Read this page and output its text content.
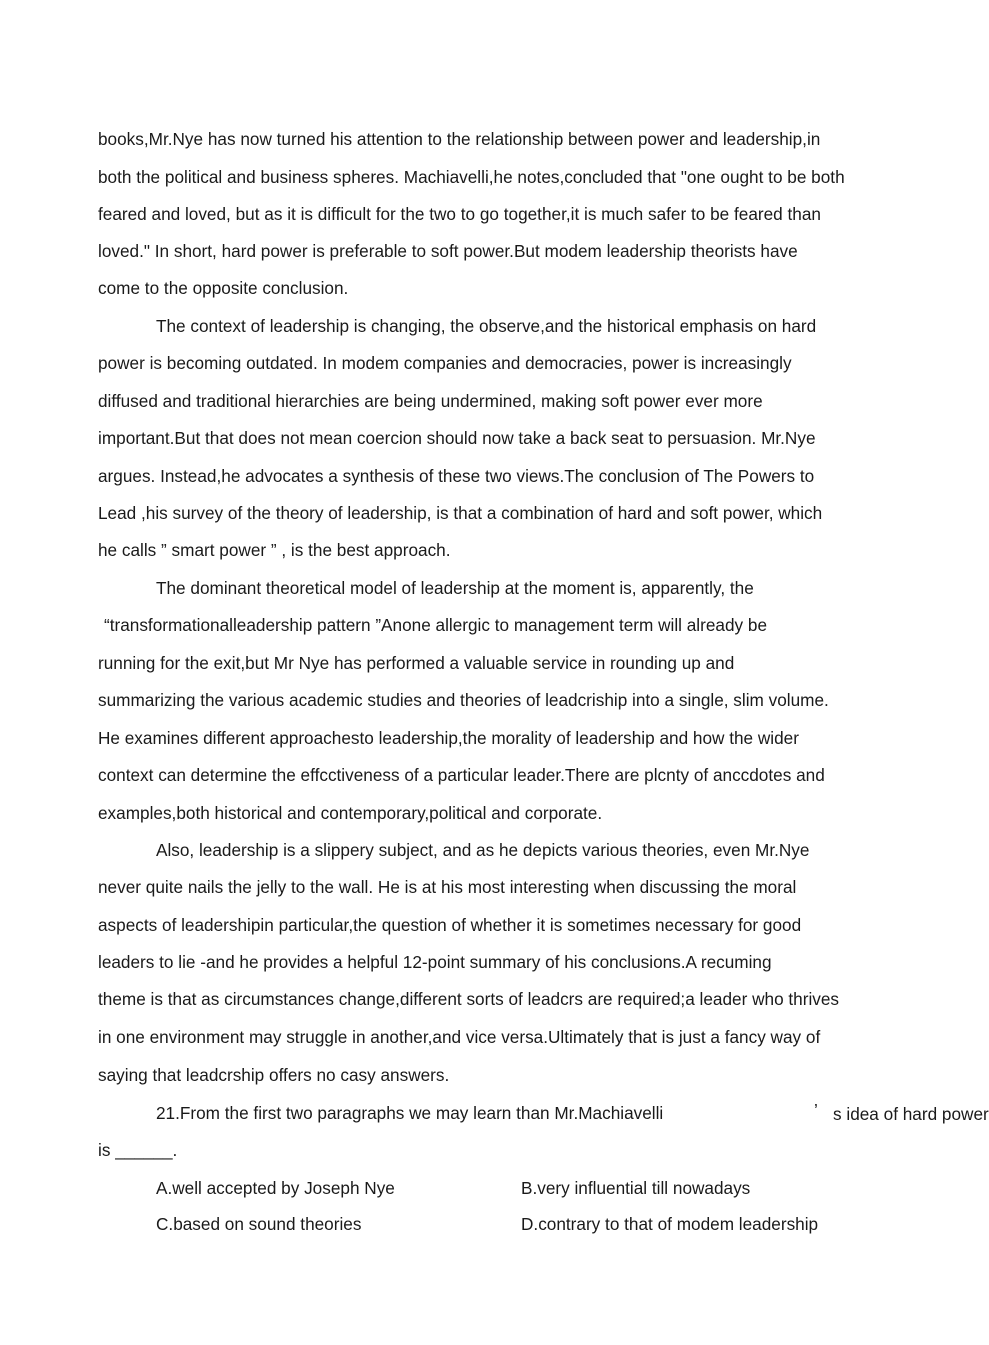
books,Mr.Nye has now turned his attention to the relationship between power and leadership,in
both the political and business spheres. Machiavelli,he notes,concluded that "one ought to be both
feared and loved, but as it is difficult for the two to go together,it is much safer to be feared than
loved." In short, hard power is preferable to soft power.But modem leadership theorists have
come to the opposite conclusion.
The context of leadership is changing, the observe,and the historical emphasis on hard
power is becoming outdated. In modem companies and democracies, power is increasingly
diffused and traditional hierarchies are being undermined, making soft power ever more
important.But that does not mean coercion should now take a back seat to persuasion. Mr.Nye
argues. Instead,he advocates a synthesis of these two views.The conclusion of The Powers to
Lead ,his survey of the theory of leadership, is that a combination of hard and soft power, which
he calls ” smart power ” , is the best approach.
The dominant theoretical model of leadership at the moment is, apparently, the
“transformationalleadership pattern ”Anone allergic to management term will already be
running for the exit,but Mr Nye has performed a valuable service in rounding up and
summarizing the various academic studies and theories of leadcriship into a single, slim volume.
He examines different approachesto leadership,the morality of leadership and how the wider
context can determine the effcctiveness of a particular leader.There are plcnty of anccdotes and
examples,both historical and contemporary,political and corporate.
Also, leadership is a slippery subject, and as he depicts various theories, even Mr.Nye
never quite nails the jelly to the wall. He is at his most interesting when discussing the moral
aspects of leadershipin particular,the question of whether it is sometimes necessary for good
leaders to lie -and he provides a helpful 12-point summary of his conclusions.A recuming
theme is that as circumstances change,different sorts of leadcrs are required;a leader who thrives
in one environment may struggle in another,and vice versa.Ultimately that is just a fancy way of
saying that leadcrship offers no casy answers.
21.From the first two paragraphs we may learn than Mr.Machiavelli	’ s idea of hard power
is ______.
A.well accepted by Joseph Nye	B.very influential till nowadays
C.based on sound theories	D.contrary to that of modem leadership
